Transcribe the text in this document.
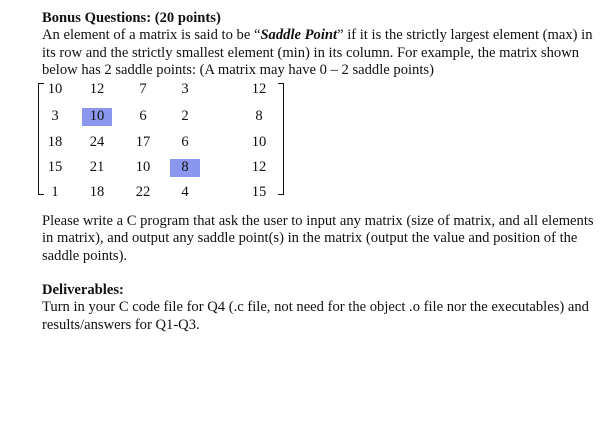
Bonus Questions: (20 points)

An element of a matrix is said to be “Saddle Point” if it is the strictly largest element (max) in its row and the strictly smallest element (min) in its column. For example, the matrix shown below has 2 saddle points: (A matrix may have 0 – 2 saddle points)

10	12	7	3	12
3	10	6	2	8
18	24	17	6	10
15	21	10	8	12
1	18	22	4	15

Please write a C program that ask the user to input any matrix (size of matrix, and all elements in matrix), and output any saddle point(s) in the matrix (output the value and position of the saddle points).

Deliverables:

Turn in your C code file for Q4 (.c file, not need for the object .o file nor the executables) and results/answers for Q1-Q3.
